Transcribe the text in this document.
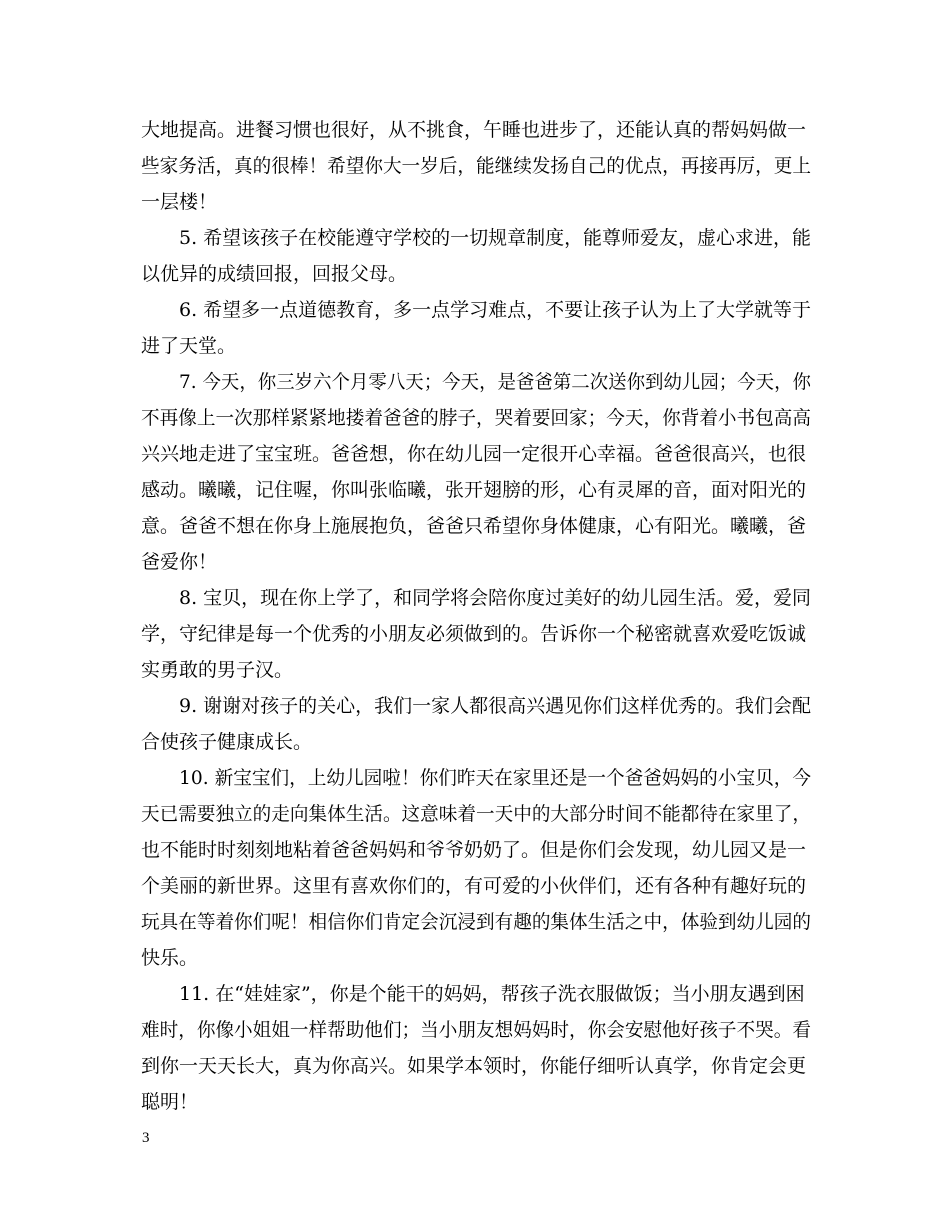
大地提高。进餐习惯也很好，从不挑食，午睡也进步了，还能认真的帮妈妈做一
些家务活，真的很棒！希望你大一岁后，能继续发扬自己的优点，再接再厉，更上
一层楼！
5. 希望该孩子在校能遵守学校的一切规章制度，能尊师爱友，虚心求进，能
以优异的成绩回报，回报父母。
6. 希望多一点道德教育，多一点学习难点，不要让孩子认为上了大学就等于
进了天堂。
7. 今天，你三岁六个月零八天；今天，是爸爸第二次送你到幼儿园；今天，你
不再像上一次那样紧紧地搂着爸爸的脖子，哭着要回家；今天，你背着小书包高高
兴兴地走进了宝宝班。爸爸想，你在幼儿园一定很开心幸福。爸爸很高兴，也很
感动。曦曦，记住喔，你叫张临曦，张开翅膀的形，心有灵犀的音，面对阳光的
意。爸爸不想在你身上施展抱负，爸爸只希望你身体健康，心有阳光。曦曦，爸
爸爱你！
8. 宝贝，现在你上学了，和同学将会陪你度过美好的幼儿园生活。爱，爱同
学，守纪律是每一个优秀的小朋友必须做到的。告诉你一个秘密就喜欢爱吃饭诚
实勇敢的男子汉。
9. 谢谢对孩子的关心，我们一家人都很高兴遇见你们这样优秀的。我们会配
合使孩子健康成长。
10. 新宝宝们，上幼儿园啦！你们昨天在家里还是一个爸爸妈妈的小宝贝，今
天已需要独立的走向集体生活。这意味着一天中的大部分时间不能都待在家里了，
也不能时时刻刻地粘着爸爸妈妈和爷爷奶奶了。但是你们会发现，幼儿园又是一
个美丽的新世界。这里有喜欢你们的，有可爱的小伙伴们，还有各种有趣好玩的
玩具在等着你们呢！相信你们肯定会沉浸到有趣的集体生活之中，体验到幼儿园的
快乐。
11. 在“娃娃家”，你是个能干的妈妈，帮孩子洗衣服做饭；当小朋友遇到困
难时，你像小姐姐一样帮助他们；当小朋友想妈妈时，你会安慰他好孩子不哭。看
到你一天天长大，真为你高兴。如果学本领时，你能仔细听认真学，你肯定会更
聪明！
3
